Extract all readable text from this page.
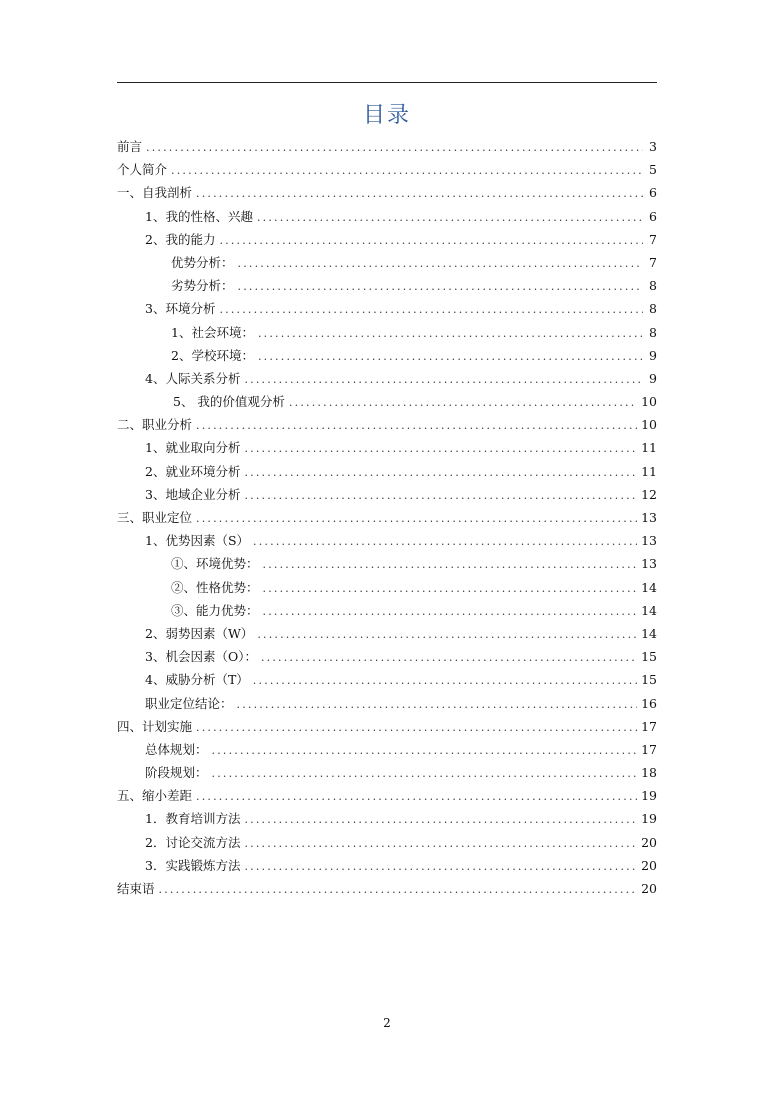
目录
前言 .....	3
个人简介 .....	5
一、自我剖析 .....	6
1、我的性格、兴趣 .....	6
2、我的能力 .....	7
优势分析： .....	7
劣势分析： .....	8
3、环境分析 .....	8
1、社会环境： .....	8
2、学校环境： .....	9
4、人际关系分析 .....	9
5、 我的价值观分析 .....	10
二、职业分析 .....	10
1、就业取向分析 .....	11
2、就业环境分析 .....	11
3、地域企业分析 .....	12
三、职业定位 .....	13
1、优势因素（S） .....	13
①、环境优势： .....	13
②、性格优势： .....	14
③、能力优势： .....	14
2、弱势因素（W） .....	14
3、机会因素（O）： .....	15
4、威胁分析（T） .....	15
职业定位结论： .....	16
四、计划实施 .....	17
总体规划： .....	17
阶段规划： .....	18
五、缩小差距 .....	19
1．教育培训方法 .....	19
2．讨论交流方法 .....	20
3．实践锻炼方法 .....	20
结束语 .....	20
2
